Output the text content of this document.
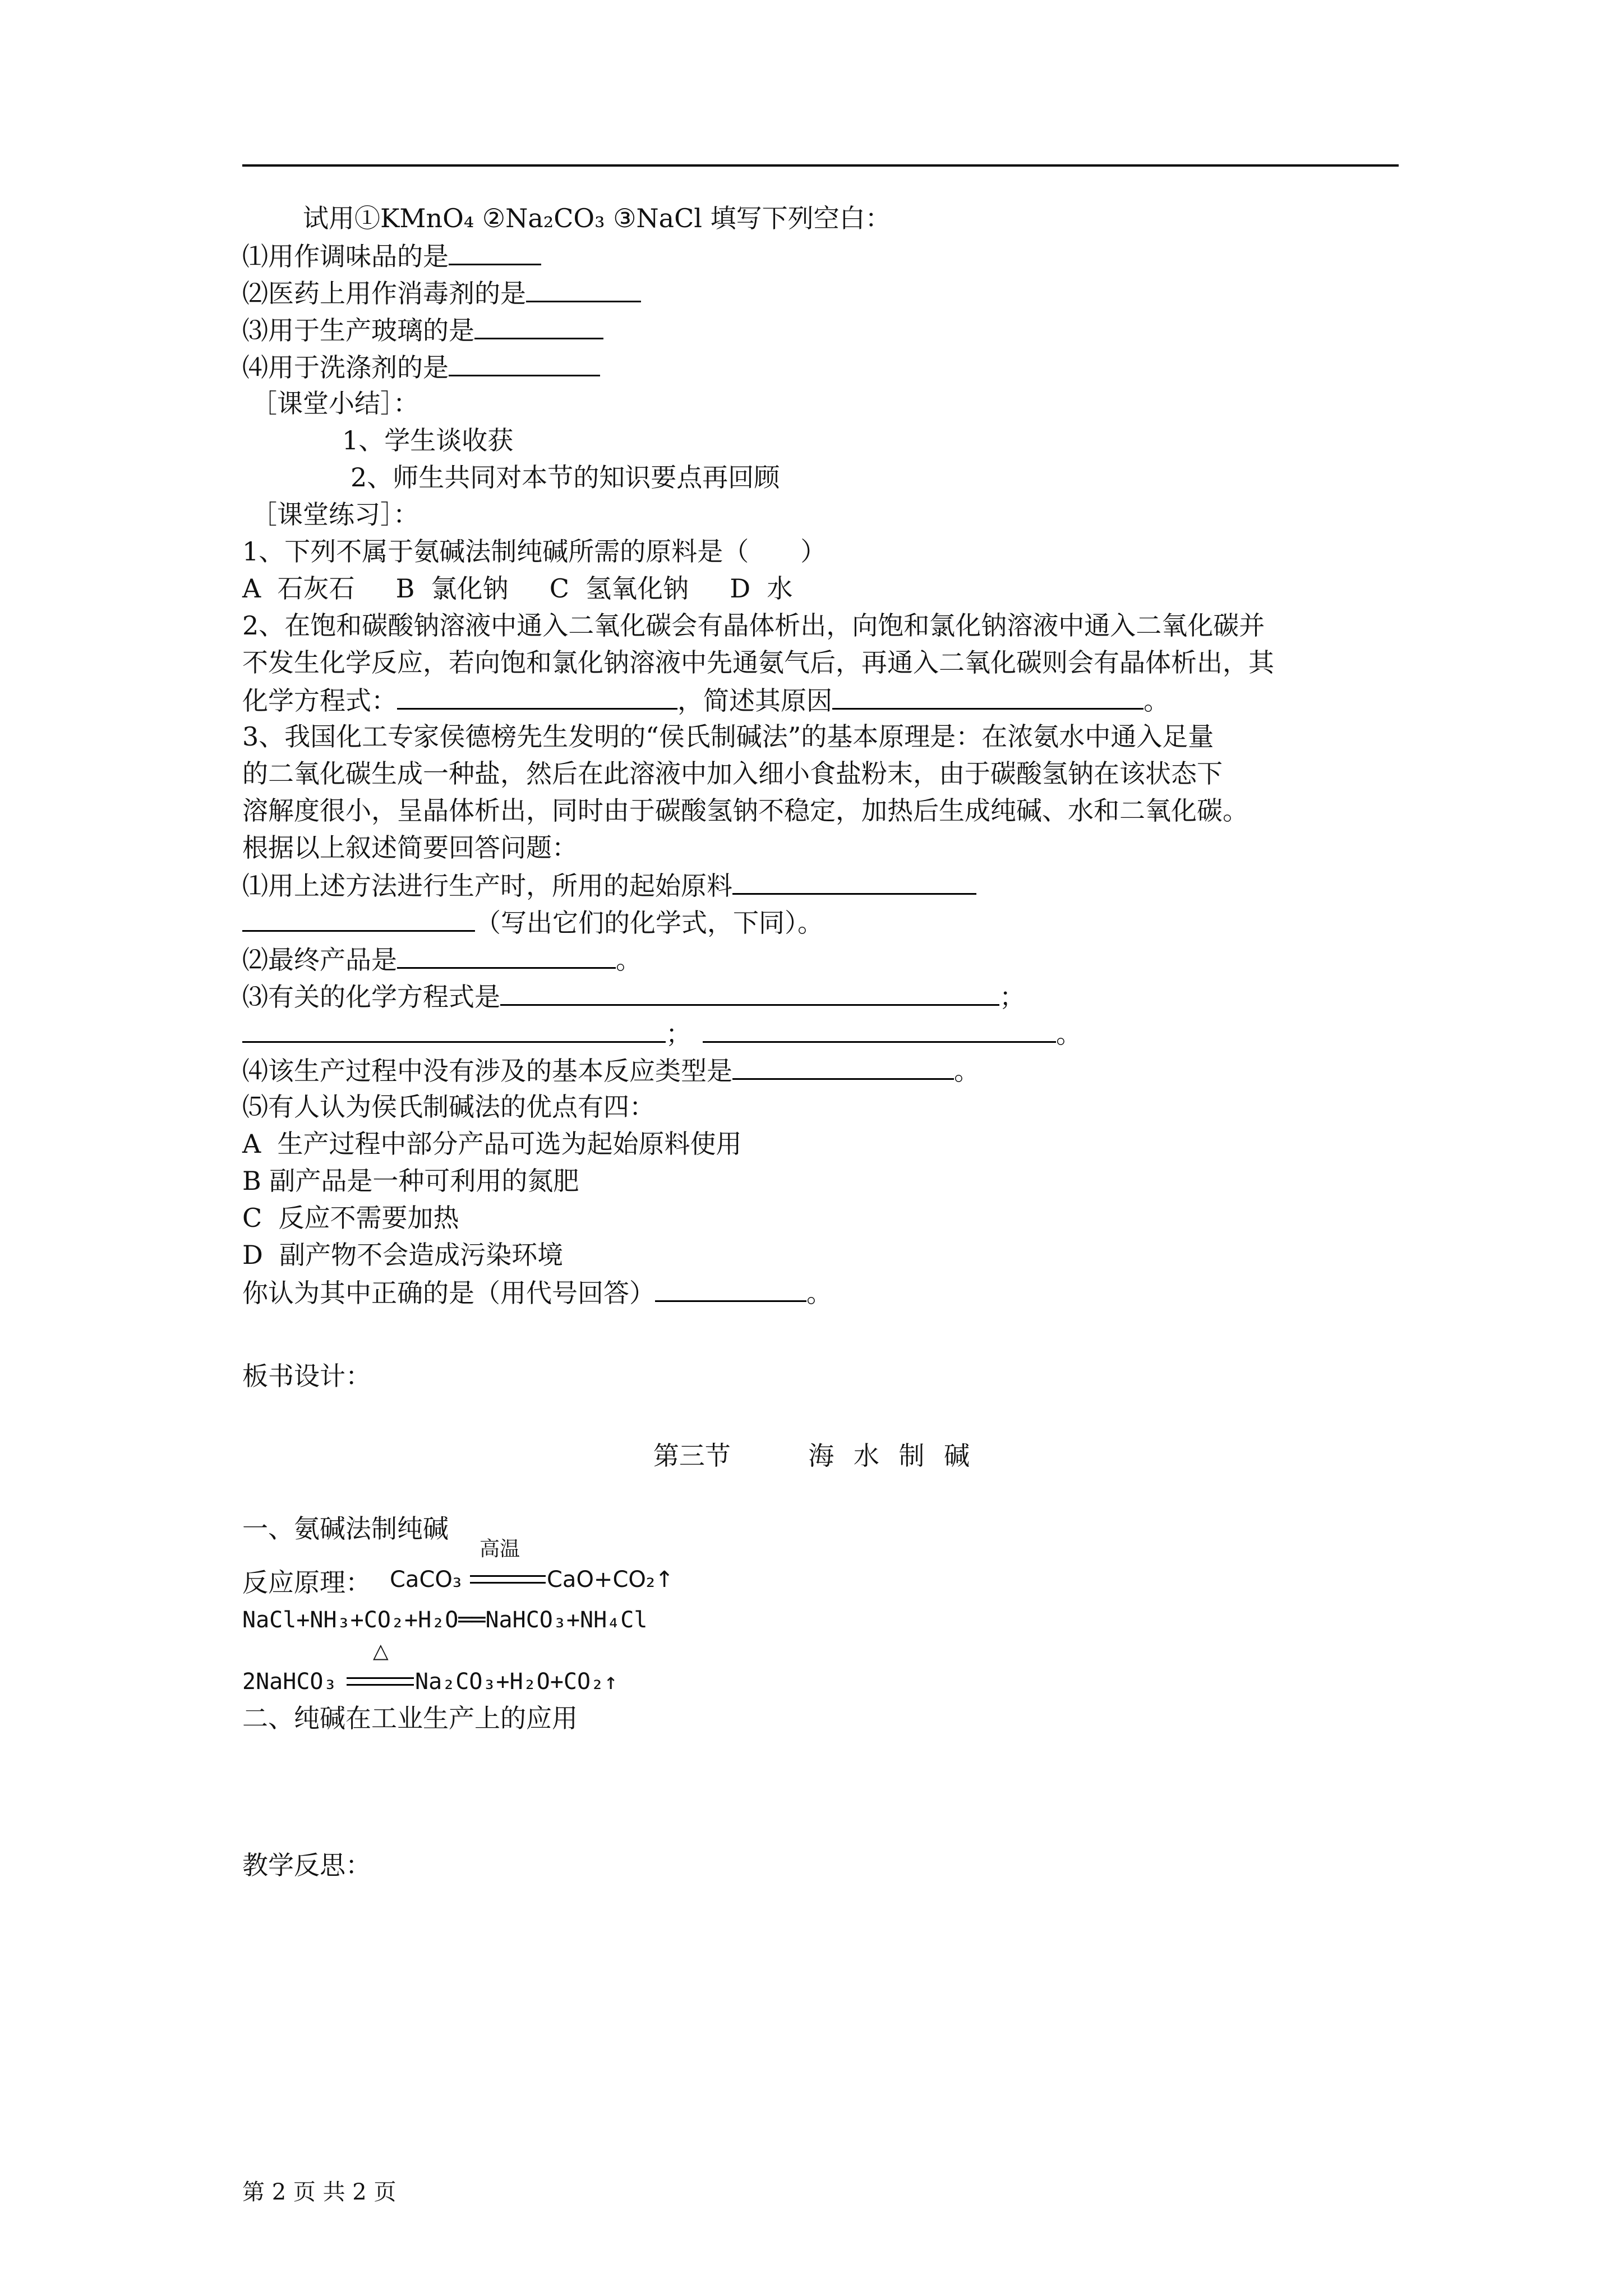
试用①KMnO₄ ②Na₂CO₃ ③NaCl 填写下列空白：
⑴用作调味品的是
⑵医药上用作消毒剂的是
⑶用于生产玻璃的是
⑷用于洗涤剂的是
［课堂小结］：
1、学生谈收获
2、师生共同对本节的知识要点再回顾
［课堂练习］：
1、下列不属于氨碱法制纯碱所需的原料是（　　）
A  石灰石     B  氯化钠     C  氢氧化钠     D  水
2、在饱和碳酸钠溶液中通入二氧化碳会有晶体析出，向饱和氯化钠溶液中通入二氧化碳并
不发生化学反应，若向饱和氯化钠溶液中先通氨气后，再通入二氧化碳则会有晶体析出，其
化学方程式：	，简述其原因	。
3、我国化工专家侯德榜先生发明的“侯氏制碱法”的基本原理是：在浓氨水中通入足量
的二氧化碳生成一种盐，然后在此溶液中加入细小食盐粉末，由于碳酸氢钠在该状态下
溶解度很小，呈晶体析出，同时由于碳酸氢钠不稳定，加热后生成纯碱、水和二氧化碳。
根据以上叙述简要回答问题：
⑴用上述方法进行生产时，所用的起始原料
（写出它们的化学式，下同）。
⑵最终产品是	。
⑶有关的化学方程式是	；
；	。
⑷该生产过程中没有涉及的基本反应类型是	。
⑸有人认为侯氏制碱法的优点有四：
A  生产过程中部分产品可选为起始原料使用
B 副产品是一种可利用的氮肥
C  反应不需要加热
D  副产物不会造成污染环境
你认为其中正确的是（用代号回答）	。
板书设计：
第三节    海 水 制 碱
一、氨碱法制纯碱
反应原理： CaCO₃
高温
CaO+CO₂↑
NaCl+NH₃+CO₂+H₂O══NaHCO₃+NH₄Cl
2NaHCO₃
△
Na₂CO₃+H₂O+CO₂↑
二、纯碱在工业生产上的应用
教学反思：
第 2 页 共 2 页
